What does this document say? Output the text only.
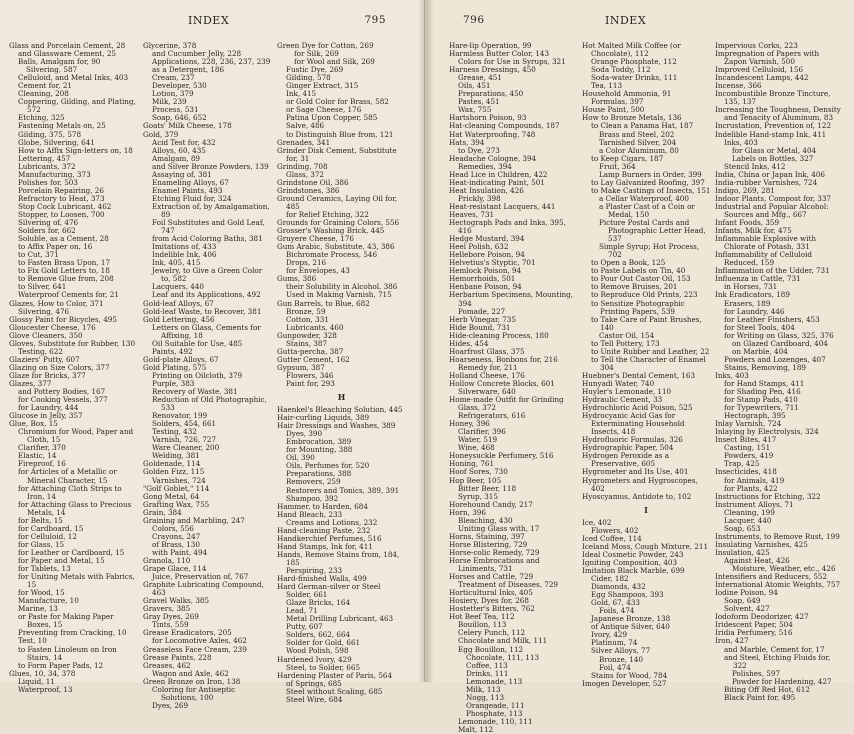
INDEX	795
Glass and Porcelain Cement, 28
and Glassware Cement, 25
Balls, Amalgam for, 90
Silvering, 587
Celluloid, and Metal Inks, 403
Cement for, 21
Cleaning, 208
Coppering, Gilding, and Plating, 572
Etching, 325
Fastening Metals on, 25
Gilding, 375, 578
Globe, Silvering, 641
How to Affix Sign-letters on, 18
Lettering, 457
Lubricants, 372
Manufacturing, 373
Polishes for, 503
Porcelain Repairing, 26
Refractory to Heat, 373
Stop Cock Lubricant, 462
Stopper, to Loosen, 700
Silvering of, 476
Solders for, 662
Soluble, as a Cement, 28
to Affix Paper on, 16
to Cut, 371
to Fasten Brass Upon, 17
to Fix Gold Letters to, 18
to Remove Glue from, 208
to Silver, 641
Waterproof Cements for, 21
Glazes, How to Color, 371
Silvering, 476
Glossy Paint for Bicycles, 495
Gloucester Cheese, 176
Glove Cleaners, 350
Gloves, Substitute for Rubber, 130
Testing, 622
Glaziers' Putty, 607
Glazing on Size Colors, 377
Glaze for Bricks, 377
Glazes, 377
and Pottery Bodies, 167
for Cooking Vessels, 377
for Laundry, 444
Glucose in Jelly, 357
Glue, Box, 15
Chromium for Wood, Paper and Cloth, 15
Clarifier, 370
Elastic, 14
Fireproof, 16
for Articles of a Metallic or Mineral Character, 15
for Attaching Cloth Strips to Iron, 14
for Attaching Glass to Precious Metals, 14
for Belts, 15
for Cardboard, 15
for Celluloid, 12
for Glass, 15
for Leather or Cardboard, 15
for Paper and Metal, 15
for Tablets, 13
for Uniting Metals with Fabrics, 15
for Wood, 15
Manufacture, 10
Marine, 13
or Paste for Making Paper Boxes, 15
Preventing from Cracking, 10
Test, 10
to Fasten Linoleum on Iron Stairs, 14
to Form Paper Pads, 12
Glues, 10, 34, 378
Liquid, 11
Waterproof, 13
Glycerine, 378
and Cucumber Jelly, 228
Applications, 228, 236, 237, 239
as a Detergent, 186
Cream, 237
Developer, 530
Lotion, 379
Milk, 239
Process, 531
Soap, 646, 652
Goats' Milk Cheese, 178
Gold, 379
Acid Test for, 432
Alloys, 60, 435
Amalgam, 89
and Silver Bronze Powders, 139
Assaying of, 381
Enameling Alloys, 67
Enamel Paints, 493
Etching Fluid for, 324
Extraction of, by Amalgamation, 89
Foil Substitutes and Gold Leaf, 747
from Acid Coloring Baths, 381
Imitations of, 433
Indelible Ink, 406
Ink, 405, 415
Jewelry, to Give a Green Color to, 582
Lacquers, 440
Leaf and its Applications, 492
Gold-leaf Alloys, 67
Gold-leaf Waste, to Recover, 381
Gold Lettering, 456
Letters on Glass, Cements for Affixing, 18
Oil Suitable for Use, 485
Paints, 492
Gold-plate Alloys, 67
Gold Plating, 575
Printing on Oilcloth, 379
Purple, 383
Recovery of Waste, 381
Reduction of Old Photographic, 533
Renovator, 199
Solders, 454, 661
Testing, 432
Varnish, 726, 727
Ware Cleaner, 200
Welding, 381
Goldenade, 114
Golden Fizz, 115
Varnishes, 724
"Golf Goblet," 114
Gong Metal, 64
Grafting Wax, 755
Grain, 384
Graining and Marbling, 247
Colors, 556
Crayons, 247
of Brass, 130
with Paint, 494
Granola, 110
Grape Glace, 114
Juice, Preservation of, 767
Graphite Lubricating Compound, 463
Gravel Walks, 385
Gravers, 385
Gray Dyes, 269
Tints, 559
Grease Eradicators, 205
for Locomotive Axles, 462
Greaseless Face Cream, 239
Grease Paints, 228
Greases, 462
Wagon and Axle, 462
Green Bronze on Iron, 138
Coloring for Antiseptic Solutions, 100
Dyes, 269
Green Dye for Cotton, 269
for Silk, 269
for Wool and Silk, 269
Fustic Dye, 269
Gilding, 578
Ginger Extract, 315
Ink, 415
or Gold Color for Brass, 582
or Sage Cheese, 176
Patina Upon Copper, 585
Salve, 486
to Distinguish Blue from, 121
Grenades, 341
Grinder Disk Cement, Substitute for, 31
Grinding, 708
Glass, 372
Grindstone Oil, 386
Grindstones, 386
Ground Ceramics, Laying Oil for, 485
for Relief Etching, 322
Grounds for Graining Colors, 556
Grosser's Washing Brick, 445
Gruyere Cheese, 176
Gum Arabic, Substitute, 43, 386
Bichromate Process, 546
Drops, 216
for Envelopes, 43
Gums, 386
their Solubility in Alcohol, 386
Used in Making Varnish, 715
Gun Barrels, to Blue, 682
Bronze, 59
Cotton, 331
Lubricants, 460
Gunpowder, 328
Stains, 387
Gutta-percha, 387
Gutter Cement, 162
Gypsum, 387
Flowers, 346
Paint for, 293
H
Haenkel's Bleaching Solution, 445
Hair-curling Liquids, 389
Hair Dressings and Washes, 389
Dyes, 390
Embrocation, 389
for Mounting, 388
Oil, 390
Oils, Perfumes for, 520
Preparations, 388
Removers, 259
Restorers and Tonics, 389, 391
Shampoo, 392
Hammer, to Harden, 684
Hand Bleach, 233
Creams and Lotions, 232
Hand-cleaning Paste, 232
Handkerchief Perfumes, 516
Hand Stamps, Ink for, 411
Hands, Remove Stains from, 184, 185
Perspiring, 233
Hard-finished Walls, 499
Hard German-silver or Steel Solder, 661
Glaze Bricks, 164
Lead, 71
Metal Drilling Lubricant, 463
Putty, 607
Solders, 662, 664
Solder for Gold, 661
Wood Polish, 598
Hardened Ivory, 429
Steel, to Solder, 665
Hardening Plaster of Paris, 564
of Springs, 685
Steel without Scaling, 685
Steel Wire, 684
796	INDEX
Hare-lip Operation, 99
Harmless Butter Color, 143
Colors for Use in Syrups, 321
Harness Dressings, 450
Grease, 451
Oils, 451
Preparations, 450
Pastes, 451
Wax, 755
Hartshorn Poison, 93
Hat-cleaning Compounds, 187
Hat Waterproofing, 748
Hats, 394
to Dye, 273
Headache Cologne, 394
Remedies, 394
Head Lice in Children, 422
Heat-indicating Paint, 501
Heat Insulation, 426
Prickly, 398
Heat-resistant Lacquers, 441
Heaves, 731
Hectograph Pads and Inks, 395, 416
Hedge Mustard, 394
Heel Polish, 632
Hellebore Poison, 94
Helvetius's Styptic, 701
Hemlock Poison, 94
Hemorrhoids, 501
Henbane Poison, 94
Herbarium Specimens, Mounting, 394
Pomade, 227
Herb Vinegar, 735
Hide Bound, 731
Hide-cleaning Process, 180
Hides, 454
Hoarfrost Glass, 375
Hoarseness, Bonbons for, 216
Remedy for, 211
Holland Cheese, 176
Hollow Concrete Blocks, 601
Silverware, 640
Home-made Outfit for Grinding Glass, 372
Refrigerators, 616
Honey, 396
Clarifier, 396
Water, 519
Wine, 468
Honeysuckle Perfumery, 516
Honing, 761
Hoof Sores, 730
Hop Beer, 105
Bitter Beer, 118
Syrup, 315
Horehound Candy, 217
Horn, 396
Bleaching, 430
Uniting Glass with, 17
Horns, Staining, 397
Horse Blistering, 729
Horse-colic Remedy, 729
Horse Embrocations and Liniments, 731
Horses and Cattle, 729
Treatment of Diseases, 729
Horticultural Inks, 405
Hosiery, Dyes for, 268
Hostetter's Bitters, 762
Hot Beef Tea, 112
Bouillon, 113
Celery Punch, 112
Chocolate and Milk, 111
Egg Bouillon, 112
Chocolate, 111, 113
Coffee, 113
Drinks, 111
Lemonade, 113
Milk, 113
Nogg, 113
Orangeade, 111
Phosphate, 113
Lemonade, 110, 111
Malt, 112
Hot Malted Milk Coffee (or Chocolate), 112
Orange Phosphate, 112
Soda Toddy, 112
Soda-water Drinks, 111
Tea, 113
Household Ammonia, 91
Formulas, 397
House Paint, 500
How to Bronze Metals, 136
to Clean a Panama Hat, 187
Brass and Steel, 202
Tarnished Silver, 204
a Color Aluminum, 80
to Keep Cigars, 187
Fruit, 364
Lamp Burners in Order, 399
to Lay Galvanized Roofing, 397
to Make Castings of Insects, 151
a Cellar Waterproof, 400
a Plaster Cast of a Coin or Medal, 150
Picture Postal Cards and Photographic Letter Head, 537
Simple Syrup; Hot Process, 702
to Open a Book, 125
to Paste Labels on Tin, 40
to Pour Out Castor Oil, 153
to Remove Bruises, 201
to Reproduce Old Prints, 223
to Sensitize Photographic Printing Papers, 539
to Take Care of Paint Brushes, 140
Castor Oil, 154
to Tell Pottery, 173
to Unite Rubber and Leather, 22
to Tell the Character of Enamel 304
Huebner's Dental Cement, 163
Hunyadi Water, 740
Huyler's Lemonade, 110
Hydraulic Cement, 33
Hydrochloric Acid Poison, 525
Hydrocyanic Acid Gas for Exterminating Household Insects, 418
Hydrofluoric Formulas, 326
Hydrographic Paper, 504
Hydrogen Peroxide as a Preservative, 605
Hygrometer and Its Use, 401
Hygrometers and Hygroscopes, 402
Hyoscyamus, Antidote to, 102
I
Ice, 402
Flowers, 402
Iced Coffee, 114
Iceland Moss, Cough Mixture, 211
Ideal Cosmetic Powder, 243
Igniting Composition, 403
Imitation Black Marble, 699
Cider, 182
Diamonds, 432
Egg Shampoos, 393
Gold, 67, 433
Foils, 474
Japanese Bronze, 138
of Antique Silver, 640
Ivory, 429
Platinum, 74
Silver Alloys, 77
Bronze, 140
Foil, 474
Stains for Wood, 784
Imogen Developer, 527
Impervious Corks, 223
Impregnation of Papers with Zapon Varnish, 500
Improved Celluloid, 156
Incandescent Lamps, 442
Incense, 366
Incombustible Bronze Tincture, 135, 137
Increasing the Toughness, Density and Tenacity of Aluminum, 83
Incrustation, Prevention of, 122
Indelible Hand-stamp Ink, 411
Inks, 403
for Glass or Metal, 404
Labels on Bottles, 327
Stencil Inks, 412
India, China or Japan Ink, 406
India-rubber Varnishes, 724
Indigo, 269, 281
Indoor Plants, Compost for, 337
Industrial and Popular Alcohol: Sources and Mfg., 667
Infant Foods, 359
Infants, Milk for, 475
Inflammable Explosive with Chlorate of Potash, 331
Inflammability of Celluloid Reduced, 159
Inflammation of the Udder, 731
Influenza in Cattle, 731
in Horses, 731
Ink Eradicators, 189
Erasers, 189
for Laundry, 446
for Leather Finishers, 453
for Steel Tools, 404
for Writing on Glass, 325, 376
on Glazed Cardboard, 404
on Marble, 404
Powders and Lozenges, 407
Stains, Removing, 189
Inks, 403
for Hand Stamps, 411
for Shading Pen, 416
for Stamp Pads, 410
for Typewriters, 711
Hectograph, 395
Inlay Varnish, 724
Inlaying by Electrolysis, 324
Insect Bites, 417
Casting, 151
Powders, 419
Trap, 425
Insecticides, 418
for Animals, 419
for Plants, 422
Instructions for Etching, 322
Instrument Alloys, 71
Cleaning, 199
Lacquer, 440
Soap, 653
Instruments, to Remove Rust, 199
Insulating Varnishes, 425
Insulation, 425
Against Heat, 426
Moisture, Weather, etc., 426
Intensifiers and Reducers, 552
International Atomic Weights, 757
Iodine Poison, 94
Soap, 649
Solvent, 427
Iodoform Deodorizer, 427
Iridescent Paper, 504
Iridia Perfumery, 516
Iron, 427
and Marble, Cement for, 17
and Steel, Etching Fluids for, 322
Polishes, 597
Powder for Hardening, 427
Biting Off Red Hot, 612
Black Paint for, 495
